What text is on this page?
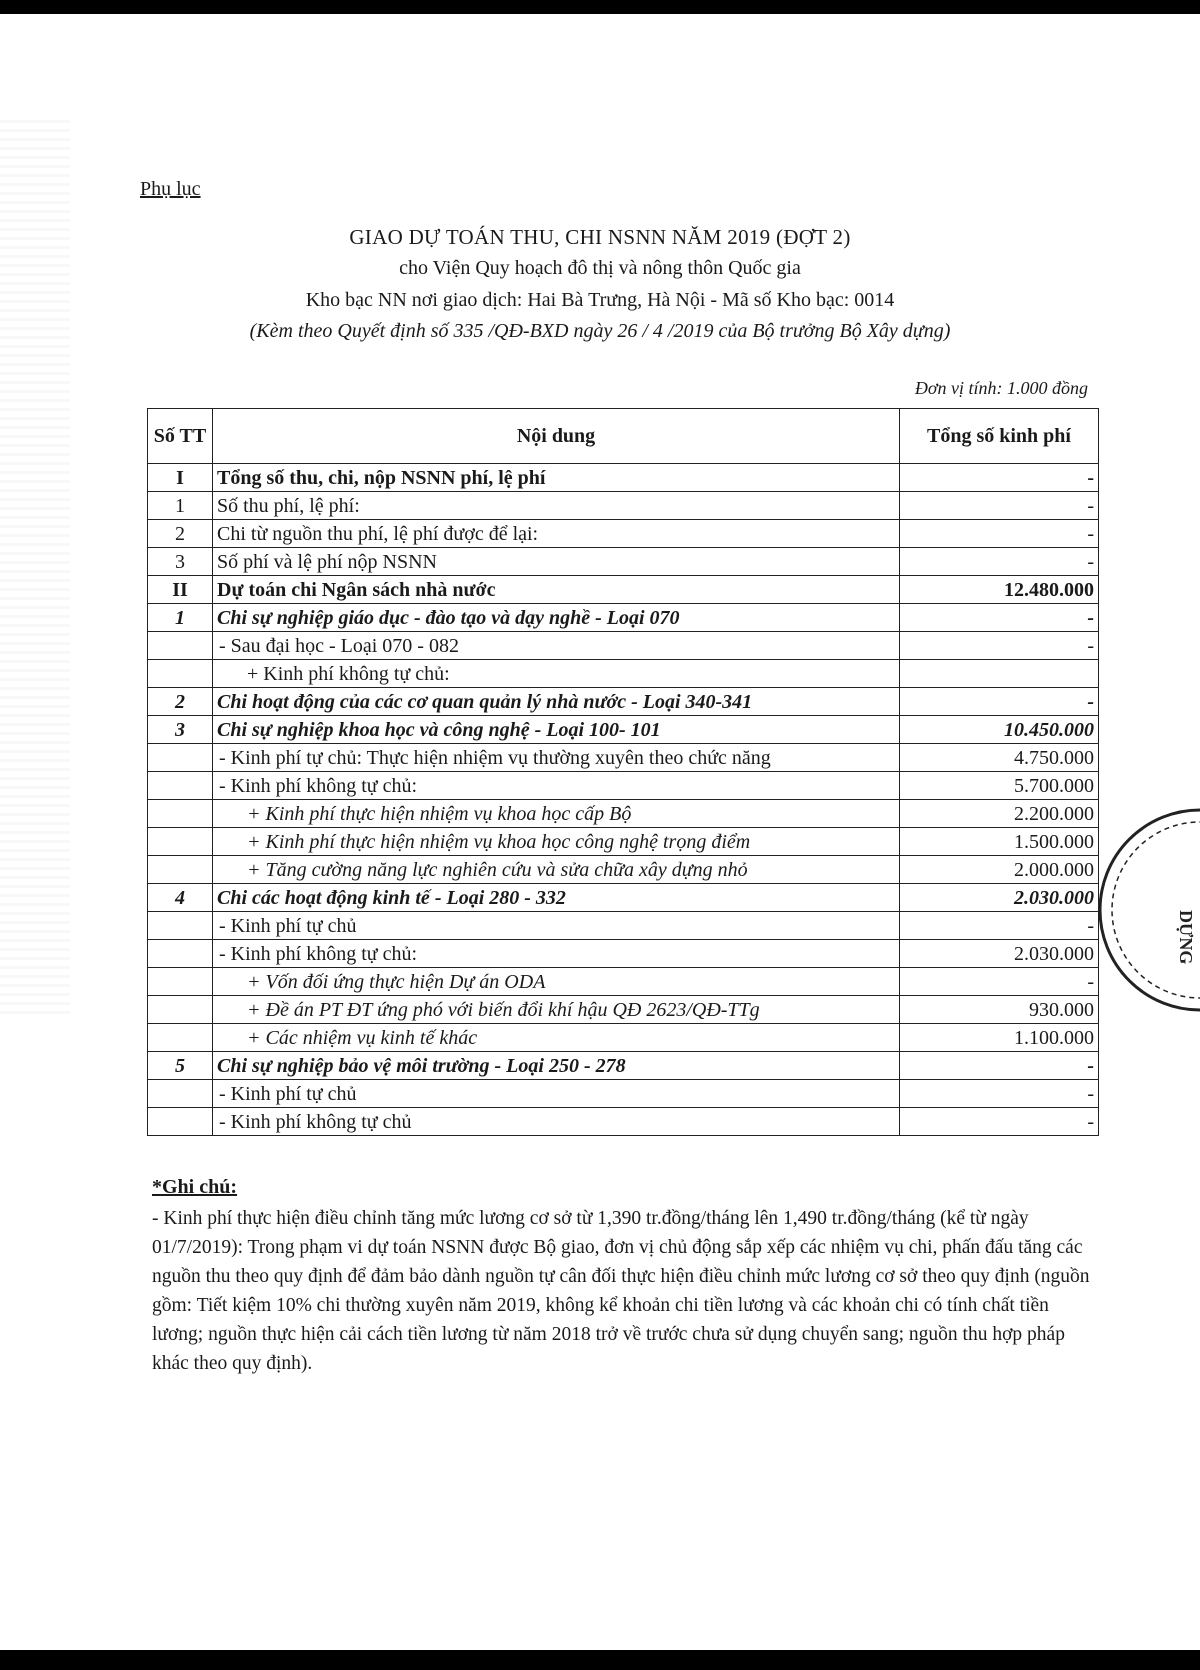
Phụ lục
GIAO DỰ TOÁN THU, CHI NSNN NĂM 2019 (ĐỢT 2)
cho Viện Quy hoạch đô thị và nông thôn Quốc gia
Kho bạc NN nơi giao dịch: Hai Bà Trưng, Hà Nội - Mã số Kho bạc: 0014
(Kèm theo Quyết định số 335 /QĐ-BXD ngày 26 / 4 /2019 của Bộ trưởng Bộ Xây dựng)
Đơn vị tính: 1.000 đồng
Số TT	Nội dung	Tổng số kinh phí
I	Tổng số thu, chi, nộp NSNN phí, lệ phí	-
1	Số thu phí, lệ phí:	-
2	Chi từ nguồn thu phí, lệ phí được để lại:	-
3	Số phí và lệ phí nộp NSNN	-
II	Dự toán chi Ngân sách nhà nước	12.480.000
1	Chi sự nghiệp giáo dục - đào tạo và dạy nghề - Loại 070	-
	- Sau đại học - Loại 070 - 082	-
	+ Kinh phí không tự chủ:	
2	Chi hoạt động của các cơ quan quản lý nhà nước - Loại 340-341	-
3	Chi sự nghiệp khoa học và công nghệ - Loại 100- 101	10.450.000
	- Kinh phí tự chủ: Thực hiện nhiệm vụ thường xuyên theo chức năng	4.750.000
	- Kinh phí không tự chủ:	5.700.000
	+ Kinh phí thực hiện nhiệm vụ khoa học cấp Bộ	2.200.000
	+ Kinh phí thực hiện nhiệm vụ khoa học công nghệ trọng điểm	1.500.000
	+ Tăng cường năng lực nghiên cứu và sửa chữa xây dựng nhỏ	2.000.000
4	Chi các hoạt động kinh tế - Loại 280 - 332	2.030.000
	- Kinh phí tự chủ	-
	- Kinh phí không tự chủ:	2.030.000
	+ Vốn đối ứng thực hiện Dự án ODA	-
	+ Đề án PT ĐT ứng phó với biến đổi khí hậu QĐ 2623/QĐ-TTg	930.000
	+ Các nhiệm vụ kinh tế khác	1.100.000
5	Chi sự nghiệp bảo vệ môi trường - Loại 250 - 278	-
	- Kinh phí tự chủ	-
	- Kinh phí không tự chủ	-
*Ghi chú:
- Kinh phí thực hiện điều chỉnh tăng mức lương cơ sở từ 1,390 tr.đồng/tháng lên 1,490 tr.đồng/tháng (kể từ ngày 01/7/2019): Trong phạm vi dự toán NSNN được Bộ giao, đơn vị chủ động sắp xếp các nhiệm vụ chi, phấn đấu tăng các nguồn thu theo quy định để đảm bảo dành nguồn tự cân đối thực hiện điều chỉnh mức lương cơ sở theo quy định (nguồn gồm: Tiết kiệm 10% chi thường xuyên năm 2019, không kể khoản chi tiền lương và các khoản chi có tính chất tiền lương; nguồn thực hiện cải cách tiền lương từ năm 2018 trở về trước chưa sử dụng chuyển sang; nguồn thu hợp pháp khác theo quy định).
DỰNG
